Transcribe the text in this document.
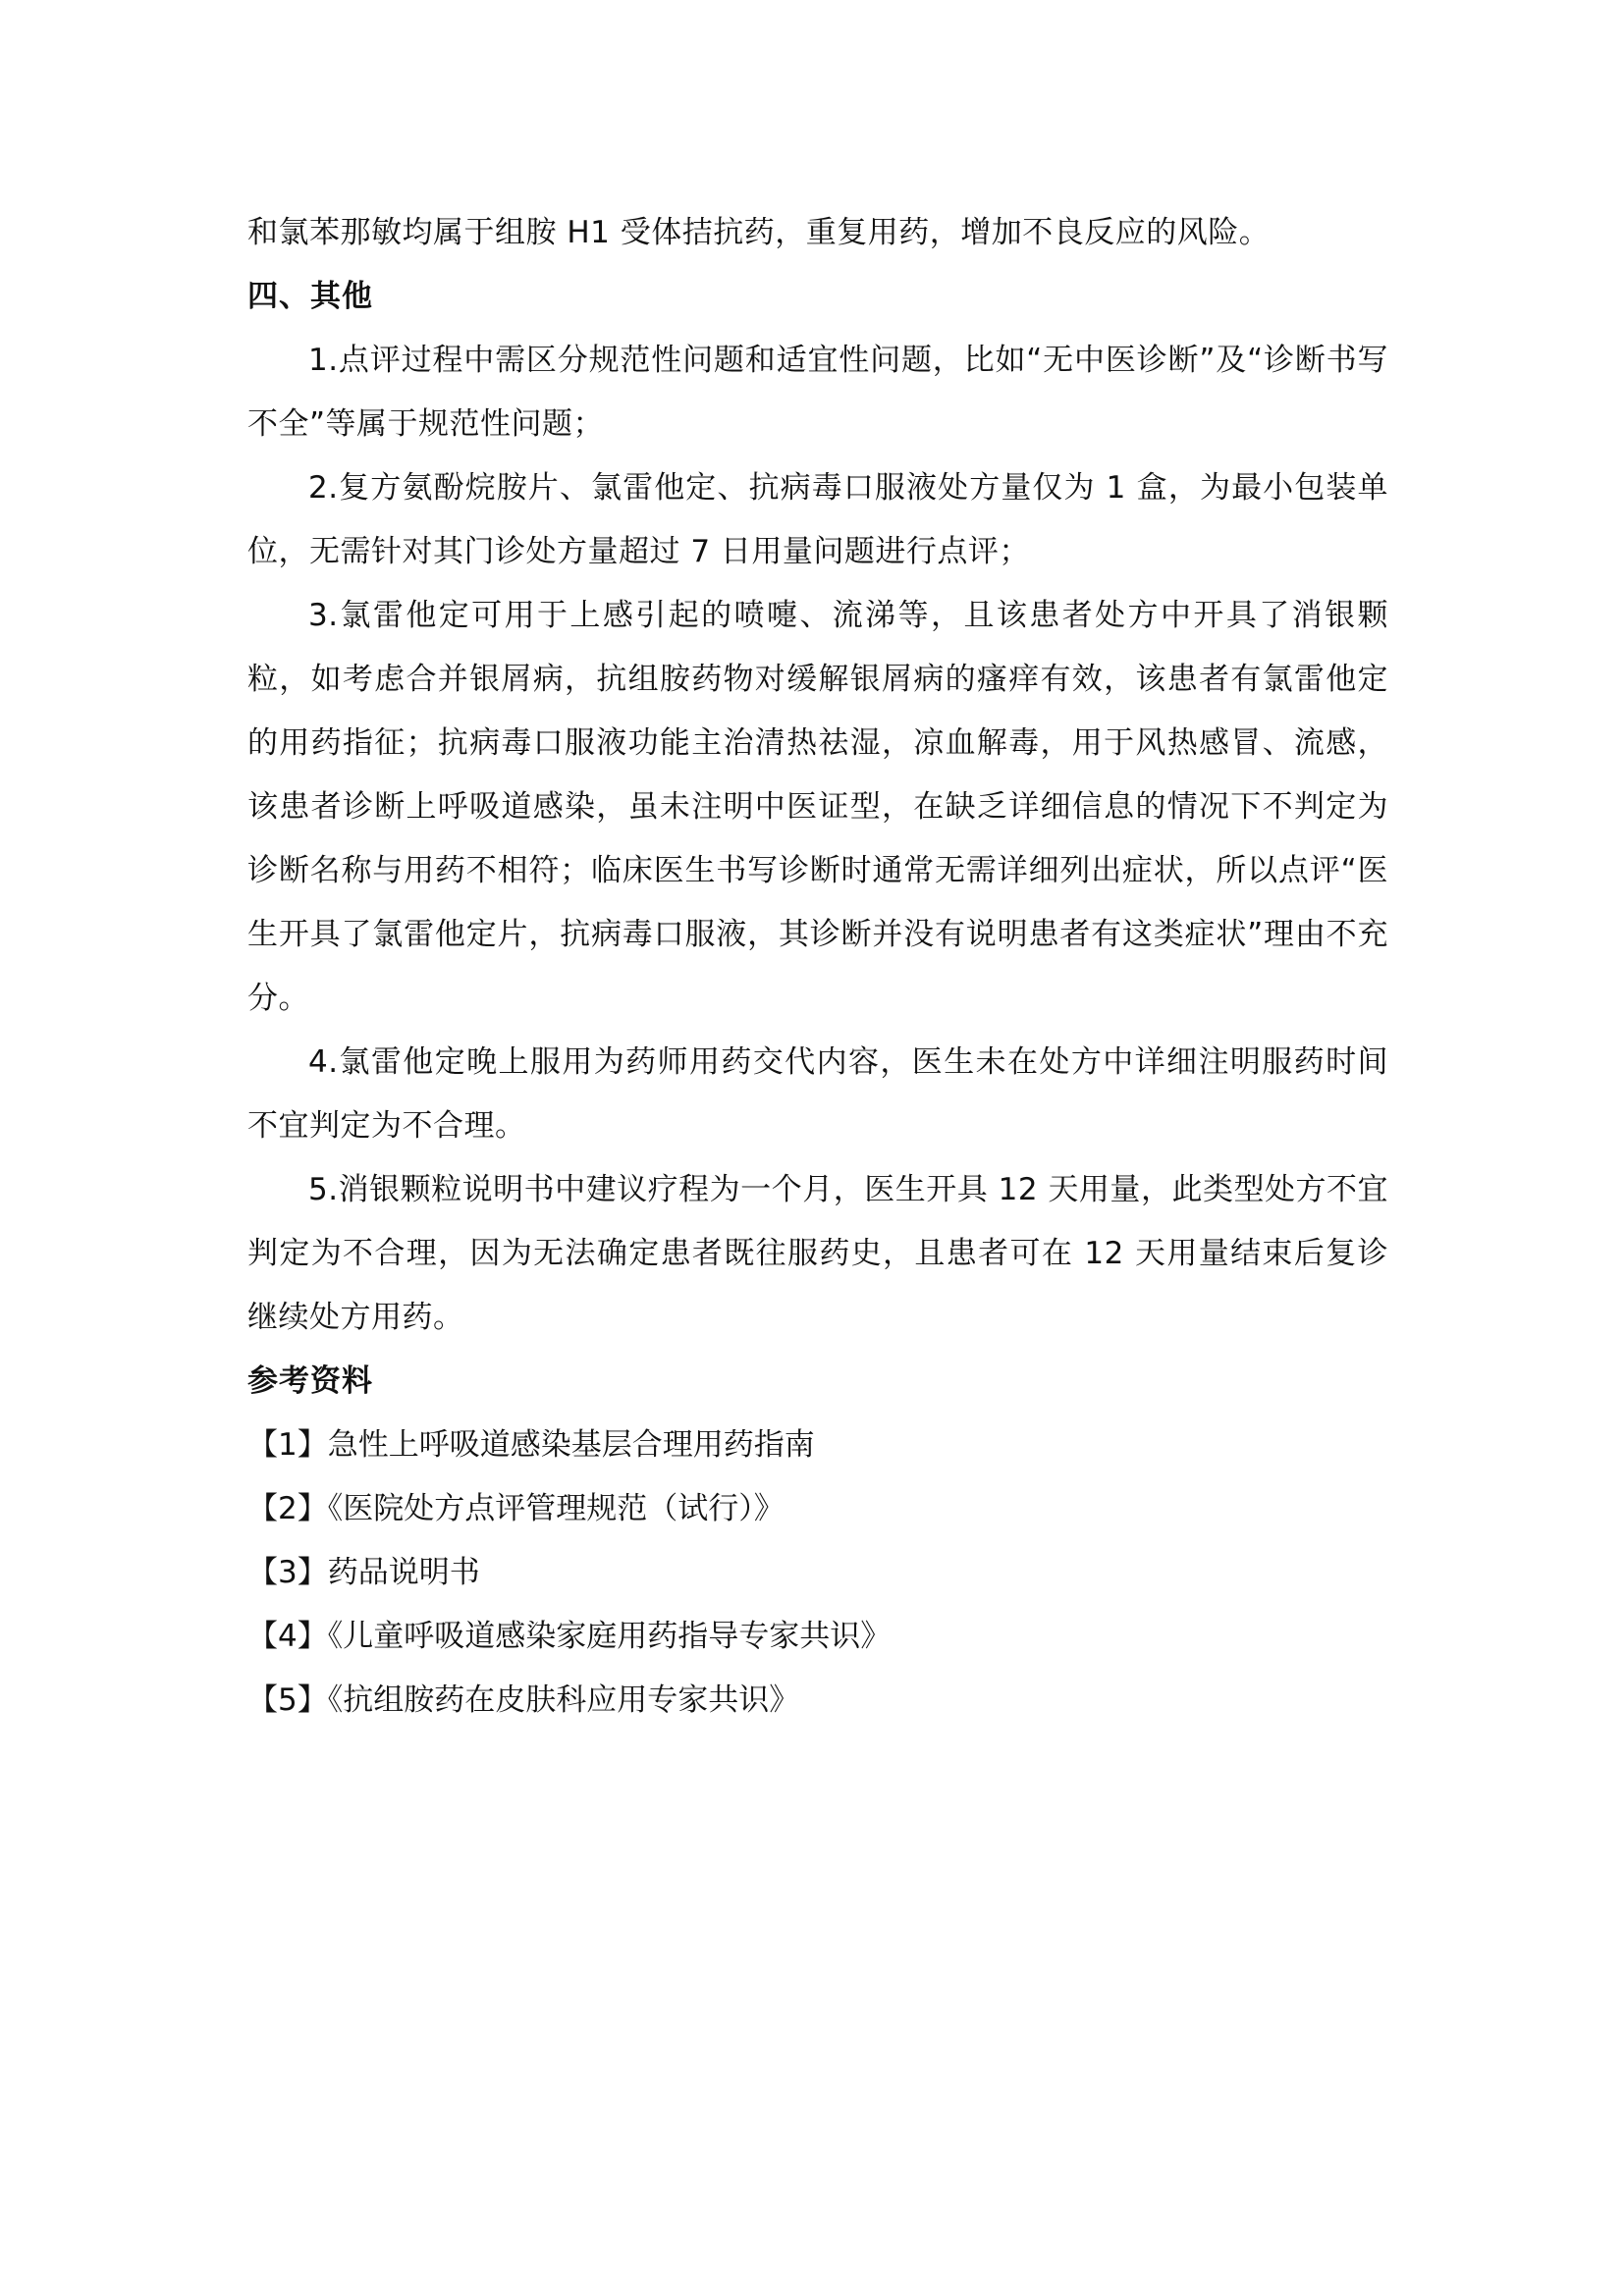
和氯苯那敏均属于组胺 H1 受体拮抗药，重复用药，增加不良反应的风险。

四、其他

1.点评过程中需区分规范性问题和适宜性问题，比如“无中医诊断”及“诊断书写不全”等属于规范性问题；

2.复方氨酚烷胺片、氯雷他定、抗病毒口服液处方量仅为 1 盒，为最小包装单位，无需针对其门诊处方量超过 7 日用量问题进行点评；

3.氯雷他定可用于上感引起的喷嚏、流涕等，且该患者处方中开具了消银颗粒，如考虑合并银屑病，抗组胺药物对缓解银屑病的瘙痒有效，该患者有氯雷他定的用药指征；抗病毒口服液功能主治清热祛湿，凉血解毒，用于风热感冒、流感，该患者诊断上呼吸道感染，虽未注明中医证型，在缺乏详细信息的情况下不判定为诊断名称与用药不相符；临床医生书写诊断时通常无需详细列出症状，所以点评“医生开具了氯雷他定片，抗病毒口服液，其诊断并没有说明患者有这类症状”理由不充分。

4.氯雷他定晚上服用为药师用药交代内容，医生未在处方中详细注明服药时间不宜判定为不合理。

5.消银颗粒说明书中建议疗程为一个月，医生开具 12 天用量，此类型处方不宜判定为不合理，因为无法确定患者既往服药史，且患者可在 12 天用量结束后复诊继续处方用药。

参考资料

【1】急性上呼吸道感染基层合理用药指南

【2】《医院处方点评管理规范（试行）》

【3】药品说明书

【4】《儿童呼吸道感染家庭用药指导专家共识》

【5】《抗组胺药在皮肤科应用专家共识》
